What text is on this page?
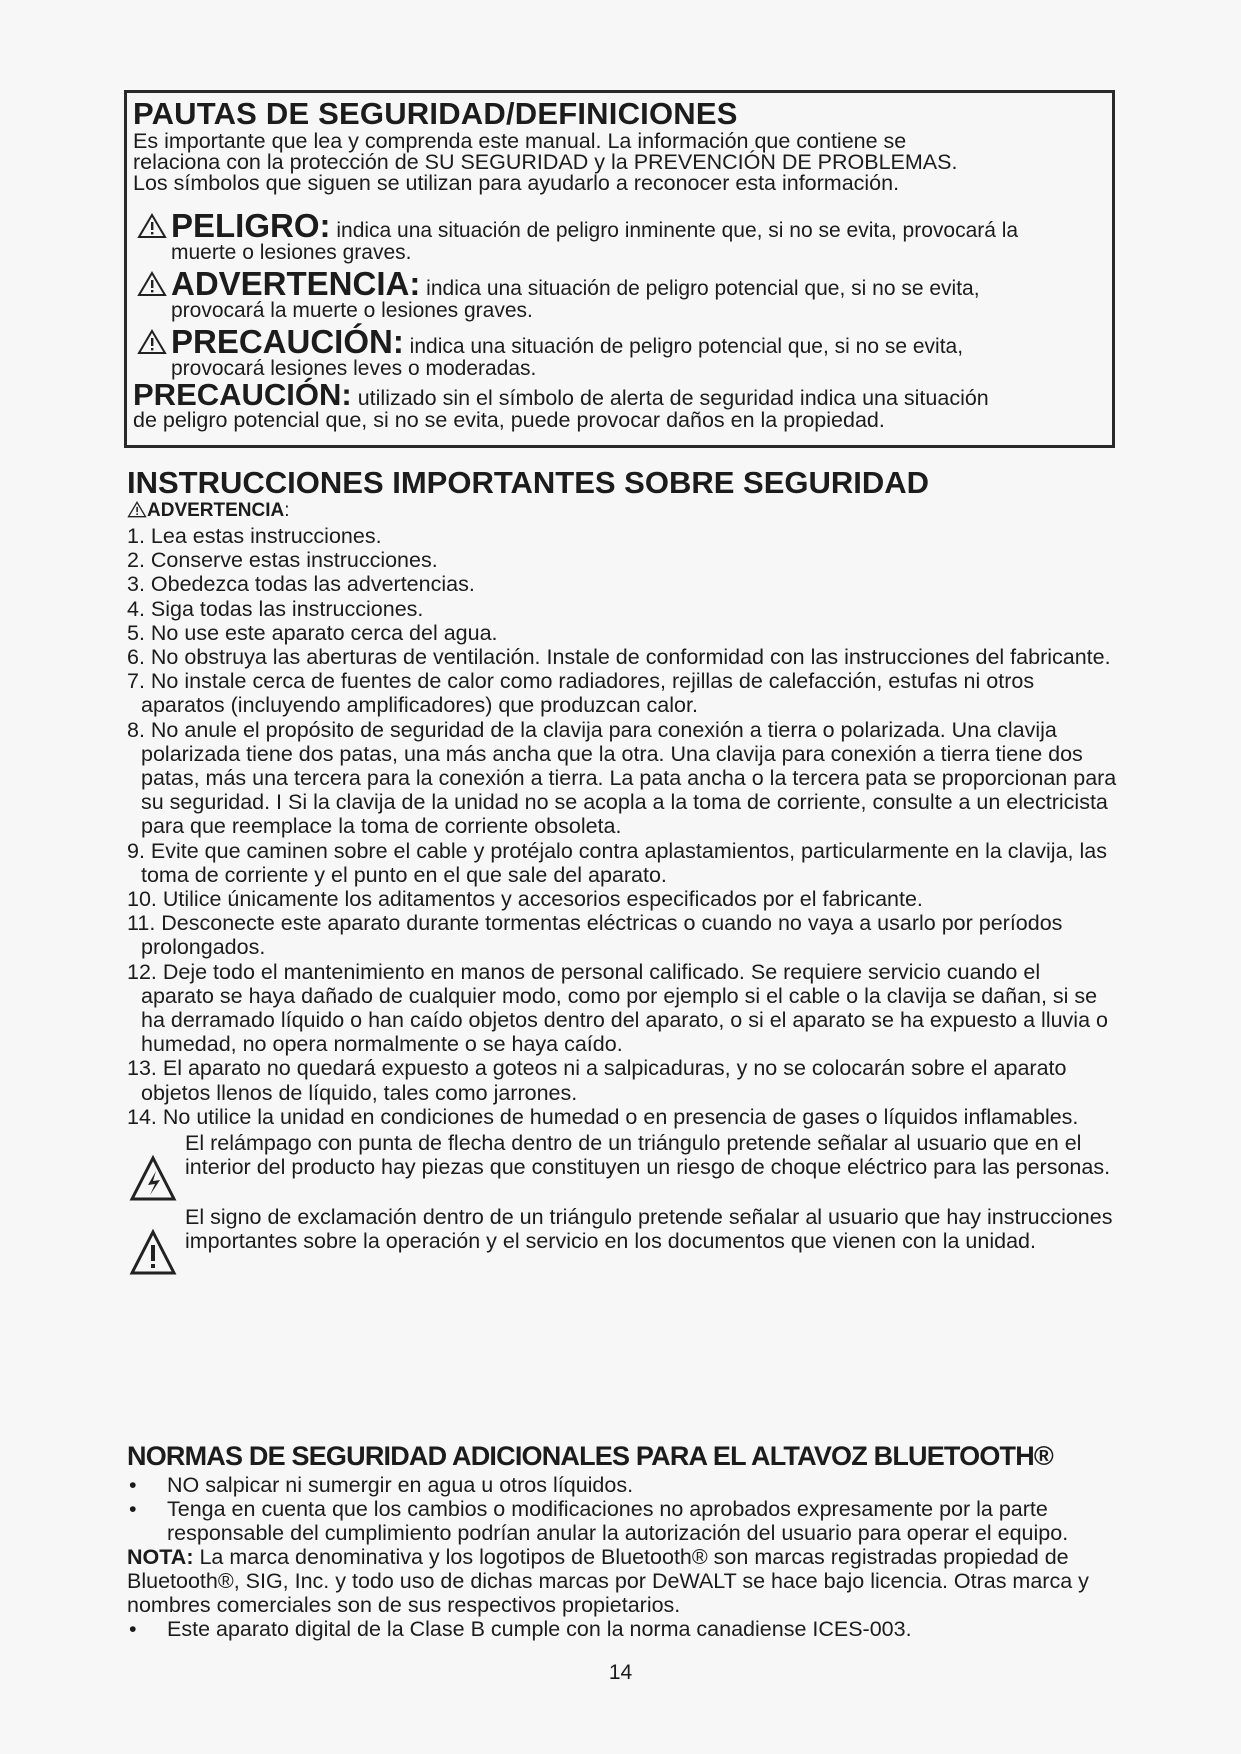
PAUTAS DE SEGURIDAD/DEFINICIONES

Es importante que lea y comprenda este manual. La información que contiene se
relaciona con la protección de SU SEGURIDAD y la PREVENCIÓN DE PROBLEMAS.
Los símbolos que siguen se utilizan para ayudarlo a reconocer esta información.

PELIGRO: indica una situación de peligro inminente que, si no se evita, provocará la
muerte o lesiones graves.
ADVERTENCIA: indica una situación de peligro potencial que, si no se evita,
provocará la muerte o lesiones graves.
PRECAUCIÓN: indica una situación de peligro potencial que, si no se evita,
provocará lesiones leves o moderadas.

PRECAUCIÓN: utilizado sin el símbolo de alerta de seguridad indica una situación
de peligro potencial que, si no se evita, puede provocar daños en la propiedad.

INSTRUCCIONES IMPORTANTES SOBRE SEGURIDAD

ADVERTENCIA:

1. Lea estas instrucciones.
2. Conserve estas instrucciones.
3. Obedezca todas las advertencias.
4. Siga todas las instrucciones.
5. No use este aparato cerca del agua.
6. No obstruya las aberturas de ventilación. Instale de conformidad con las instrucciones del fabricante.
7. No instale cerca de fuentes de calor como radiadores, rejillas de calefacción, estufas ni otros aparatos (incluyendo amplificadores) que produzcan calor.
8. No anule el propósito de seguridad de la clavija para conexión a tierra o polarizada. Una clavija polarizada tiene dos patas, una más ancha que la otra. Una clavija para conexión a tierra tiene dos patas, más una tercera para la conexión a tierra. La pata ancha o la tercera pata se proporcionan para su seguridad. I Si la clavija de la unidad no se acopla a la toma de corriente, consulte a un electricista para que reemplace la toma de corriente obsoleta.
9. Evite que caminen sobre el cable y protéjalo contra aplastamientos, particularmente en la clavija, las toma de corriente y el punto en el que sale del aparato.
10. Utilice únicamente los aditamentos y accesorios especificados por el fabricante.
11. Desconecte este aparato durante tormentas eléctricas o cuando no vaya a usarlo por períodos prolongados.
12. Deje todo el mantenimiento en manos de personal calificado. Se requiere servicio cuando el aparato se haya dañado de cualquier modo, como por ejemplo si el cable o la clavija se dañan, si se ha derramado líquido o han caído objetos dentro del aparato, o si el aparato se ha expuesto a lluvia o humedad, no opera normalmente o se haya caído.
13. El aparato no quedará expuesto a goteos ni a salpicaduras, y no se colocarán sobre el aparato objetos llenos de líquido, tales como jarrones.
14. No utilice la unidad en condiciones de humedad o en presencia de gases o líquidos inflamables.
El relámpago con punta de flecha dentro de un triángulo pretende señalar al usuario que en el interior del producto hay piezas que constituyen un riesgo de choque eléctrico para las personas.
El signo de exclamación dentro de un triángulo pretende señalar al usuario que hay instrucciones importantes sobre la operación y el servicio en los documentos que vienen con la unidad.
NORMAS DE SEGURIDAD ADICIONALES PARA EL ALTAVOZ BLUETOOTH®
• NO salpicar ni sumergir en agua u otros líquidos.
• Tenga en cuenta que los cambios o modificaciones no aprobados expresamente por la parte responsable del cumplimiento podrían anular la autorización del usuario para operar el equipo.

NOTA: La marca denominativa y los logotipos de Bluetooth® son marcas registradas propiedad de Bluetooth®, SIG, Inc. y todo uso de dichas marcas por DeWALT se hace bajo licencia. Otras marca y nombres comerciales son de sus respectivos propietarios.

• Este aparato digital de la Clase B cumple con la norma canadiense ICES-003.
14
